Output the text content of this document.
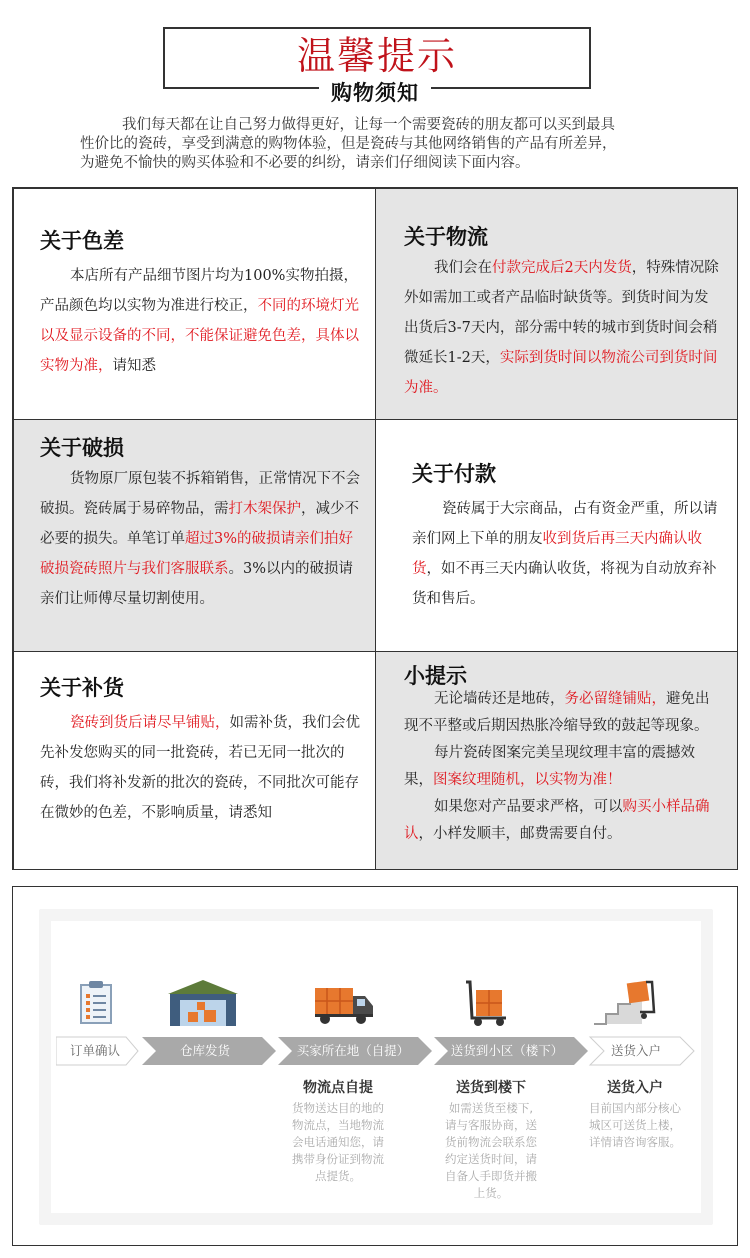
温馨提示
购物须知

我们每天都在让自己努力做得更好，让每一个需要瓷砖的朋友都可以买到最具

性价比的瓷砖，享受到满意的购物体验，但是瓷砖与其他网络销售的产品有所差异，

为避免不愉快的购买体验和不必要的纠纷，请亲们仔细阅读下面内容。

关于色差

本店所有产品细节图片均为100%实物拍摄，产品颜色均以实物为准进行校正，不同的环境灯光以及显示设备的不同，不能保证避免色差，具体以实物为准，请知悉

关于物流

我们会在付款完成后2天内发货，特殊情况除外如需加工或者产品临时缺货等。到货时间为发出货后3-7天内，部分需中转的城市到货时间会稍微延长1-2天，实际到货时间以物流公司到货时间为准。

关于破损

货物原厂原包装不拆箱销售，正常情况下不会破损。瓷砖属于易碎物品，需打木架保护，减少不必要的损失。单笔订单超过3%的破损请亲们拍好破损瓷砖照片与我们客服联系。3%以内的破损请亲们让师傅尽量切割使用。

关于付款

瓷砖属于大宗商品，占有资金严重，所以请亲们网上下单的朋友收到货后再三天内确认收货，如不再三天内确认收货，将视为自动放弃补货和售后。

关于补货

瓷砖到货后请尽早铺贴，如需补货，我们会优先补发您购买的同一批瓷砖，若已无同一批次的砖，我们将补发新的批次的瓷砖，不同批次可能存在微妙的色差，不影响质量，请悉知

小提示

无论墙砖还是地砖，务必留缝铺贴，避免出现不平整或后期因热胀冷缩导致的鼓起等现象。

每片瓷砖图案完美呈现纹理丰富的震撼效果，图案纹理随机，以实物为准！

如果您对产品要求严格，可以购买小样品确认，小样发顺丰，邮费需要自付。

订单确认	仓库发货	买家所在地（自提）	送货到小区（楼下）	送货入户
物流点自提
货物送达目的地的
物流点，当地物流
会电话通知您，请
携带身份证到物流
点提货。
送货到楼下
如需送货至楼下,
请与客服协商，送
货前物流会联系您
约定送货时间，请
自备人手即货并搬
上货。
送货入户
目前国内部分核心
城区可送货上楼，
详情请咨询客服。
